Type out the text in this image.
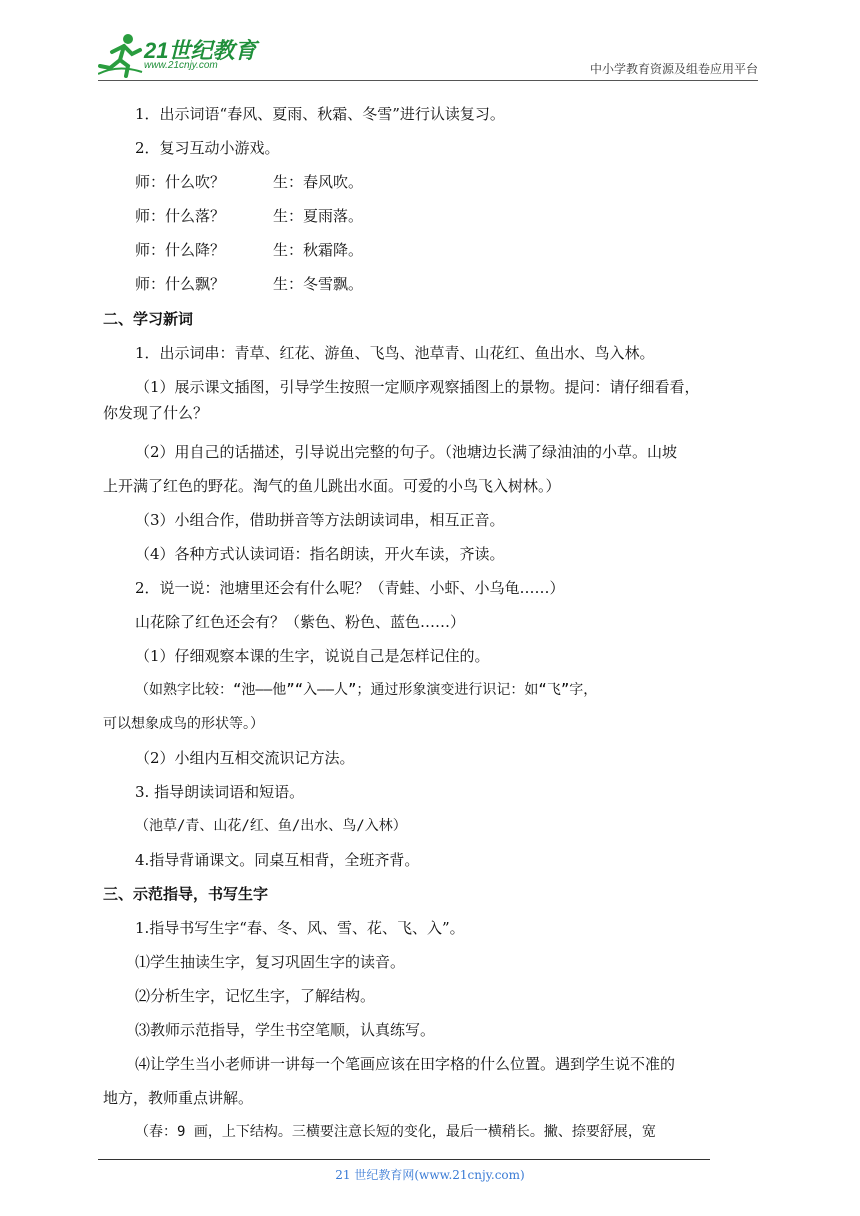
21世纪教育
www.21cnjy.com	中小学教育资源及组卷应用平台
1．出示词语“春风、夏雨、秋霜、冬雪”进行认读复习。
2．复习互动小游戏。
师：什么吹？	生：春风吹。
师：什么落？	生：夏雨落。
师：什么降？	生：秋霜降。
师：什么飘？	生：冬雪飘。
二、学习新词
1．出示词串：青草、红花、游鱼、飞鸟、池草青、山花红、鱼出水、鸟入林。
（1）展示课文插图，引导学生按照一定顺序观察插图上的景物。提问：请仔细看看，
你发现了什么？
（2）用自己的话描述，引导说出完整的句子。（池塘边长满了绿油油的小草。山坡
上开满了红色的野花。淘气的鱼儿跳出水面。可爱的小鸟飞入树林。）
（3）小组合作，借助拼音等方法朗读词串，相互正音。
（4）各种方式认读词语：指名朗读，开火车读，齐读。
2．说一说：池塘里还会有什么呢？（青蛙、小虾、小乌龟……）
山花除了红色还会有？（紫色、粉色、蓝色……）
（1）仔细观察本课的生字，说说自己是怎样记住的。
（如熟字比较：“池——他”“入——人”；通过形象演变进行识记：如“飞”字，
可以想象成鸟的形状等。）
（2）小组内互相交流识记方法。
3. 指导朗读词语和短语。
（池草/青、山花/红、鱼/出水、鸟/入林）
4.指导背诵课文。同桌互相背，全班齐背。
三、示范指导，书写生字
1.指导书写生字“春、冬、风、雪、花、飞、入”。
⑴学生抽读生字，复习巩固生字的读音。
⑵分析生字，记忆生字，了解结构。
⑶教师示范指导，学生书空笔顺，认真练写。
⑷让学生当小老师讲一讲每一个笔画应该在田字格的什么位置。遇到学生说不准的
地方，教师重点讲解。
（春：9 画，上下结构。三横要注意长短的变化，最后一横稍长。撇、捺要舒展，宽
21 世纪教育网(www.21cnjy.com)
